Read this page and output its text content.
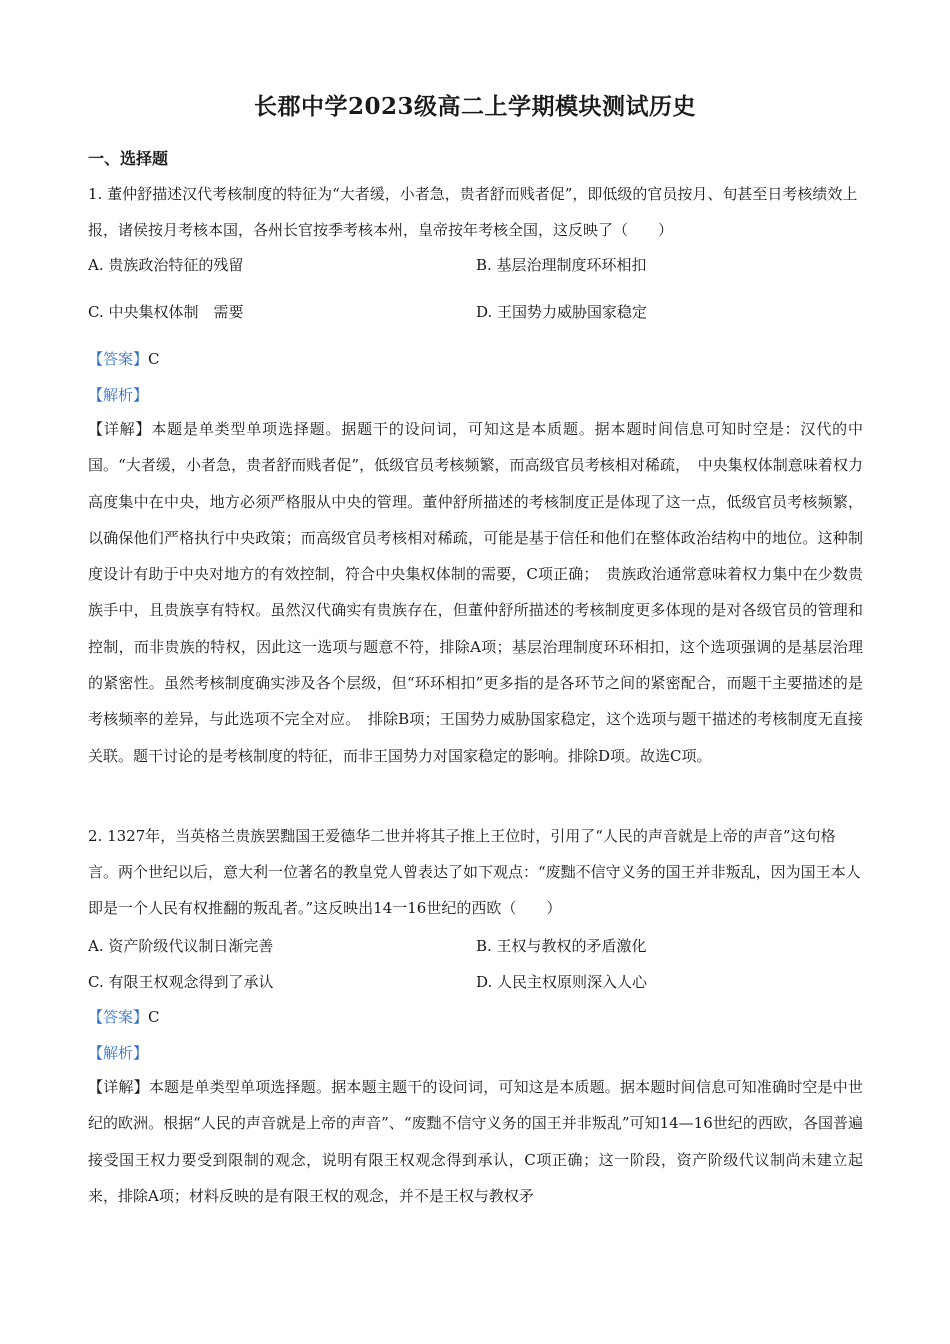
长郡中学2023级高二上学期模块测试历史
一、选择题
1. 董仲舒描述汉代考核制度的特征为“大者缓，小者急，贵者舒而贱者促”，即低级的官员按月、旬甚至日考核绩效上报，诸侯按月考核本国，各州长官按季考核本州，皇帝按年考核全国，这反映了（　　）
A. 贵族政治特征的残留	B. 基层治理制度环环相扣
C. 中央集权体制　需要	D. 王国势力威胁国家稳定
【答案】C
【解析】
【详解】本题是单类型单项选择题。据题干的设问词，可知这是本质题。据本题时间信息可知时空是：汉代的中国。“大者缓，小者急，贵者舒而贱者促”，低级官员考核频繁，而高级官员考核相对稀疏，　中央集权体制意味着权力高度集中在中央，地方必须严格服从中央的管理。董仲舒所描述的考核制度正是体现了这一点，低级官员考核频繁，以确保他们严格执行中央政策；而高级官员考核相对稀疏，可能是基于信任和他们在整体政治结构中的地位。这种制度设计有助于中央对地方的有效控制，符合中央集权体制的需要，C项正确；　贵族政治通常意味着权力集中在少数贵族手中，且贵族享有特权。虽然汉代确实有贵族存在，但董仲舒所描述的考核制度更多体现的是对各级官员的管理和控制，而非贵族的特权，因此这一选项与题意不符，排除A项；基层治理制度环环相扣，这个选项强调的是基层治理的紧密性。虽然考核制度确实涉及各个层级，但“环环相扣”更多指的是各环节之间的紧密配合，而题干主要描述的是考核频率的差异，与此选项不完全对应。　排除B项；王国势力威胁国家稳定，这个选项与题干描述的考核制度无直接关联。题干讨论的是考核制度的特征，而非王国势力对国家稳定的影响。排除D项。故选C项。
2. 1327年，当英格兰贵族罢黜国王爱德华二世并将其子推上王位时，引用了“人民的声音就是上帝的声音”这句格言。两个世纪以后，意大利一位著名的教皇党人曾表达了如下观点：“废黜不信守义务的国王并非叛乱，因为国王本人即是一个人民有权推翻的叛乱者。”这反映出14一16世纪的西欧（　　）
A. 资产阶级代议制日渐完善	B. 王权与教权的矛盾激化
C. 有限王权观念得到了承认	D. 人民主权原则深入人心
【答案】C
【解析】
【详解】本题是单类型单项选择题。据本题主题干的设问词，可知这是本质题。据本题时间信息可知准确时空是中世纪的欧洲。根据“人民的声音就是上帝的声音”、“废黜不信守义务的国王并非叛乱”可知14—16世纪的西欧，各国普遍接受国王权力要受到限制的观念，说明有限王权观念得到承认，C项正确；这一阶段，资产阶级代议制尚未建立起来，排除A项；材料反映的是有限王权的观念，并不是王权与教权矛
